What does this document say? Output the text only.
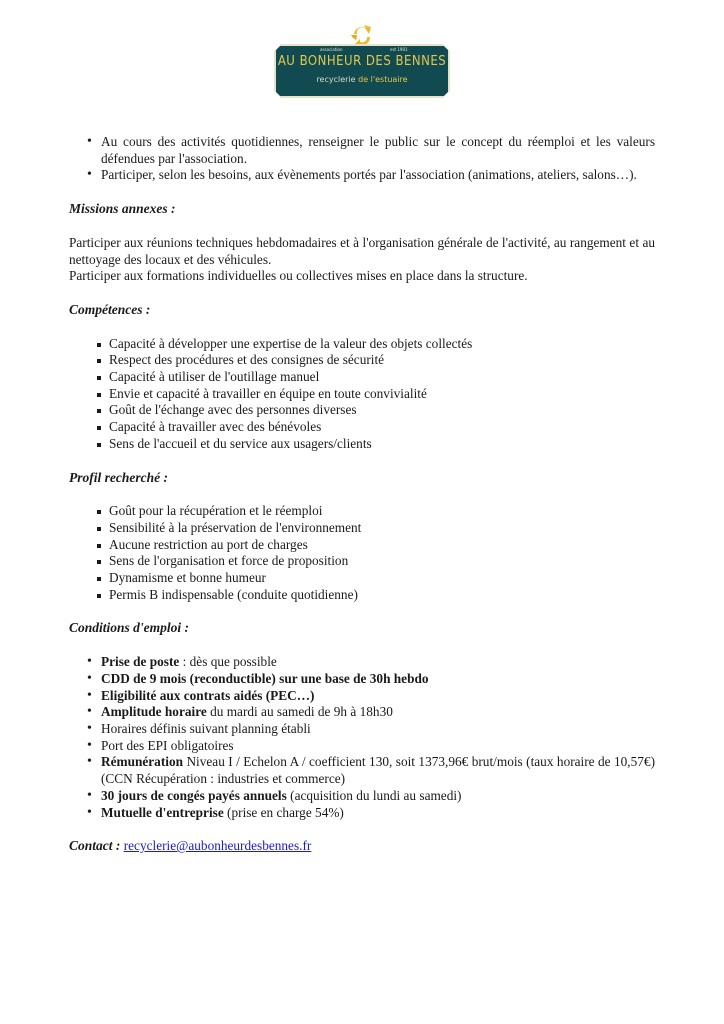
association	est 1901
AU BONHEUR DES BENNES
recyclerie de l'estuaire
• Au cours des activités quotidiennes, renseigner le public sur le concept du réemploi et les valeurs défendues par l'association.
• Participer, selon les besoins, aux évènements portés par l'association (animations, ateliers, salons…).
Missions annexes :

Participer aux réunions techniques hebdomadaires et à l'organisation générale de l'activité, au rangement et au nettoyage des locaux et des véhicules.

Participer aux formations individuelles ou collectives mises en place dans la structure.

Compétences :
Capacité à développer une expertise de la valeur des objets collectés
Respect des procédures et des consignes de sécurité
Capacité à utiliser de l'outillage manuel
Envie et capacité à travailler en équipe en toute convivialité
Goût de l'échange avec des personnes diverses
Capacité à travailler avec des bénévoles
Sens de l'accueil et du service aux usagers/clients
Profil recherché :
Goût pour la récupération et le réemploi
Sensibilité à la préservation de l'environnement
Aucune restriction au port de charges
Sens de l'organisation et force de proposition
Dynamisme et bonne humeur
Permis B indispensable (conduite quotidienne)
Conditions d'emploi :
• Prise de poste : dès que possible
• CDD de 9 mois (reconductible) sur une base de 30h hebdo
• Eligibilité aux contrats aidés (PEC…)
• Amplitude horaire du mardi au samedi de 9h à 18h30
• Horaires définis suivant planning établi
• Port des EPI obligatoires
• Rémunération Niveau I / Echelon A / coefficient 130, soit 1373,96€ brut/mois (taux horaire de 10,57€) (CCN Récupération : industries et commerce)
• 30 jours de congés payés annuels (acquisition du lundi au samedi)
• Mutuelle d'entreprise (prise en charge 54%)

Contact : recyclerie@aubonheurdesbennes.fr
